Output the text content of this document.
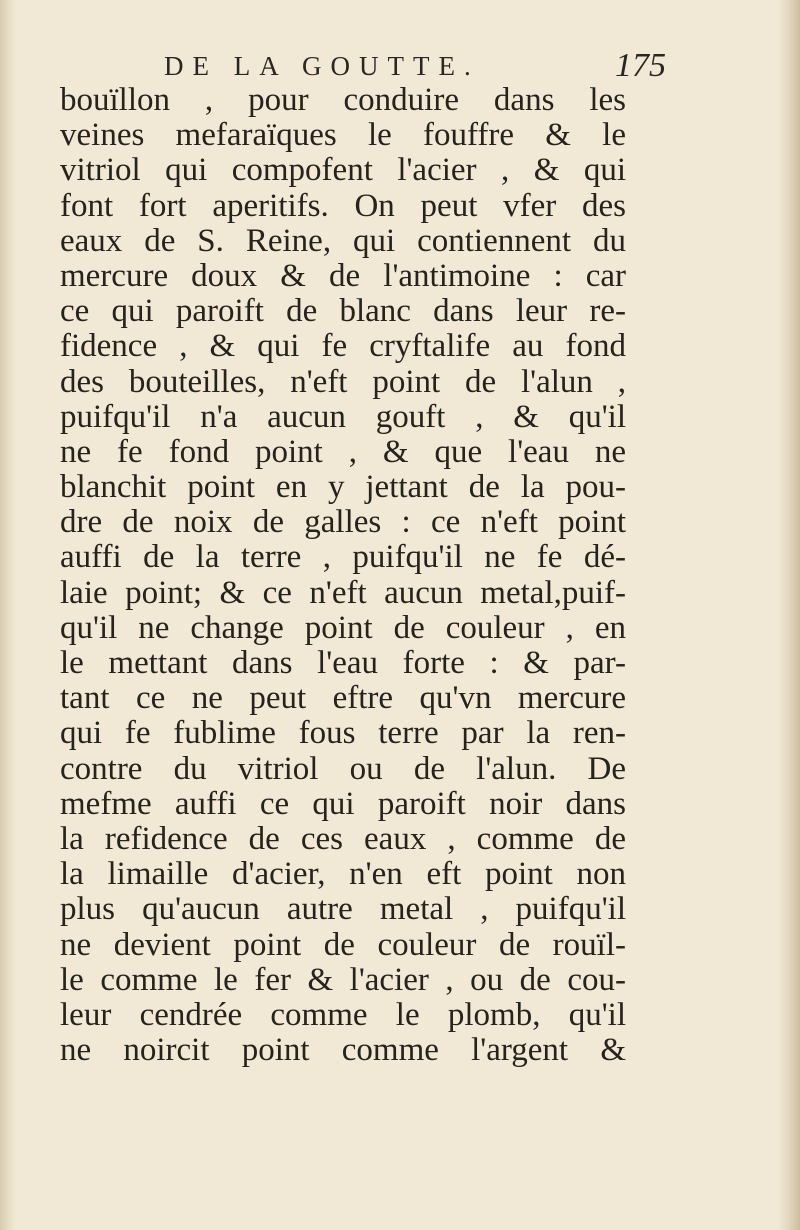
DE LA GOUTTE.	175
bouïllon , pour conduire dans les
veines mefaraïques le fouffre & le
vitriol qui compofent l'acier , & qui
font fort aperitifs. On peut vfer des
eaux de S. Reine, qui contiennent du
mercure doux & de l'antimoine : car
ce qui paroift de blanc dans leur re-
fidence , & qui fe cryftalife au fond
des bouteilles, n'eft point de l'alun ,
puifqu'il n'a aucun gouft , & qu'il
ne fe fond point , & que l'eau ne
blanchit point en y jettant de la pou-
dre de noix de galles : ce n'eft point
auffi de la terre , puifqu'il ne fe dé-
laie point; & ce n'eft aucun metal,puif-
qu'il ne change point de couleur , en
le mettant dans l'eau forte : & par-
tant ce ne peut eftre qu'vn mercure
qui fe fublime fous terre par la ren-
contre du vitriol ou de l'alun. De
mefme auffi ce qui paroift noir dans
la refidence de ces eaux , comme de
la limaille d'acier, n'en eft point non
plus qu'aucun autre metal , puifqu'il
ne devient point de couleur de rouïl-
le comme le fer & l'acier , ou de cou-
leur cendrée comme le plomb, qu'il
ne noircit point comme l'argent &
